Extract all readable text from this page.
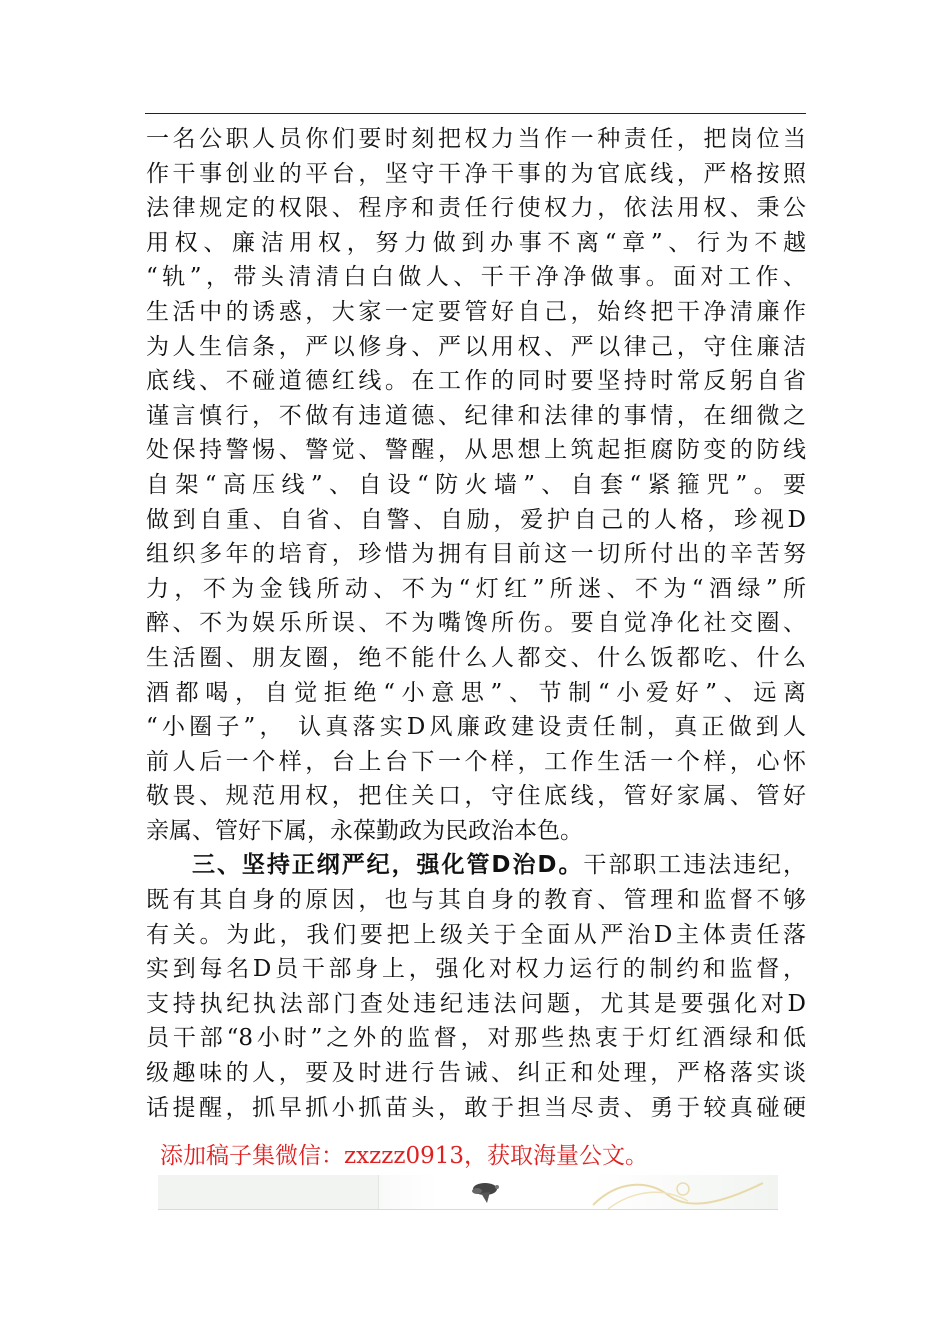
一名公职人员你们要时刻把权力当作一种责任，把岗位当
作干事创业的平台，坚守干净干事的为官底线，严格按照
法律规定的权限、程序和责任行使权力，依法用权、秉公
用权、廉洁用权，努力做到办事不离“章”、行为不越
“轨”，带头清清白白做人、干干净净做事。面对工作、
生活中的诱惑，大家一定要管好自己，始终把干净清廉作
为人生信条，严以修身、严以用权、严以律己，守住廉洁
底线、不碰道德红线。在工作的同时要坚持时常反躬自省
谨言慎行，不做有违道德、纪律和法律的事情，在细微之
处保持警惕、警觉、警醒，从思想上筑起拒腐防变的防线
自架“高压线”、自设“防火墙”、自套“紧箍咒”。要
做到自重、自省、自警、自励，爱护自己的人格，珍视D
组织多年的培育，珍惜为拥有目前这一切所付出的辛苦努
力，不为金钱所动、不为“灯红”所迷、不为“酒绿”所
醉、不为娱乐所误、不为嘴馋所伤。要自觉净化社交圈、
生活圈、朋友圈，绝不能什么人都交、什么饭都吃、什么
酒都喝，自觉拒绝“小意思”、节制“小爱好”、远离
“小圈子”， 认真落实D风廉政建设责任制，真正做到人
前人后一个样，台上台下一个样，工作生活一个样，心怀
敬畏、规范用权，把住关口，守住底线，管好家属、管好
亲属、管好下属，永葆勤政为民政治本色。
三、坚持正纲严纪，强化管D治D。干部职工违法违纪，
既有其自身的原因，也与其自身的教育、管理和监督不够
有关。为此，我们要把上级关于全面从严治D主体责任落
实到每名D员干部身上，强化对权力运行的制约和监督，
支持执纪执法部门查处违纪违法问题，尤其是要强化对D
员干部“8小时”之外的监督，对那些热衷于灯红酒绿和低
级趣味的人，要及时进行告诫、纠正和处理，严格落实谈
话提醒，抓早抓小抓苗头，敢于担当尽责、勇于较真碰硬
添加稿子集微信：zxzzz0913，获取海量公文。
